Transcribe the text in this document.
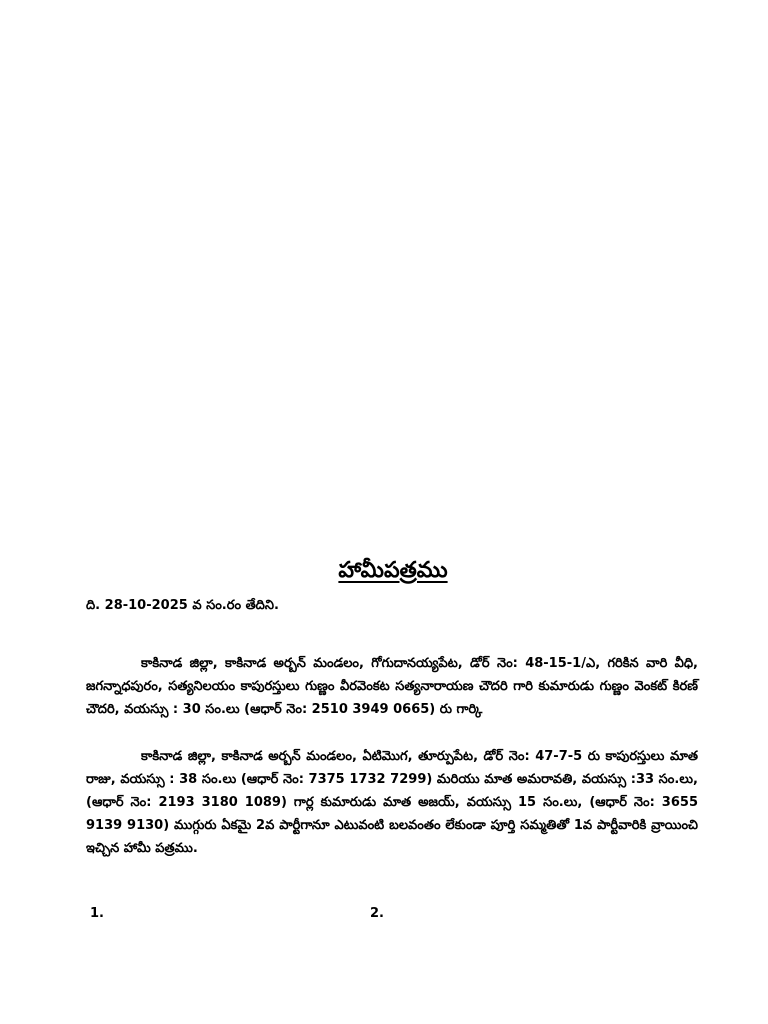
హామీపత్రము
ది. 28-10-2025 వ సం.రం తేదిని.

కాకినాడ జిల్లా, కాకినాడ అర్బన్ మండలం, గోగుదానయ్యపేట, డోర్ నెం: 48-15-1/ఎ, గరికిన వారి వీధి, జగన్నాధపురం, సత్యనిలయం కాపురస్తులు గుణ్ణం వీరవెంకట సత్యనారాయణ చౌదరి గారి కుమారుడు గుణ్ణం వెంకట్ కిరణ్ చౌదరి, వయస్సు : 30 సం.లు (ఆధార్ నెం: 2510 3949 0665) రు గార్కి

కాకినాడ జిల్లా, కాకినాడ అర్బన్ మండలం, ఏటిమొగ, తూర్పుపేట, డోర్ నెం: 47-7-5 రు కాపురస్తులు మాత రాజు, వయస్సు : 38 సం.లు (ఆధార్ నెం: 7375 1732 7299) మరియు మాత అమరావతి, వయస్సు :33 సం.లు, (ఆధార్ నెం: 2193 3180 1089) గార్ల కుమారుడు మాత అజయ్, వయస్సు 15 సం.లు, (ఆధార్ నెం: 3655 9139 9130) ముగ్గురు ఏకమై 2వ పార్టీగానూ ఎటువంటి బలవంతం లేకుండా పూర్తి సమ్మతితో 1వ పార్టీవారికి వ్రాయించి ఇచ్చిన హామీ పత్రము.

1.	2.
